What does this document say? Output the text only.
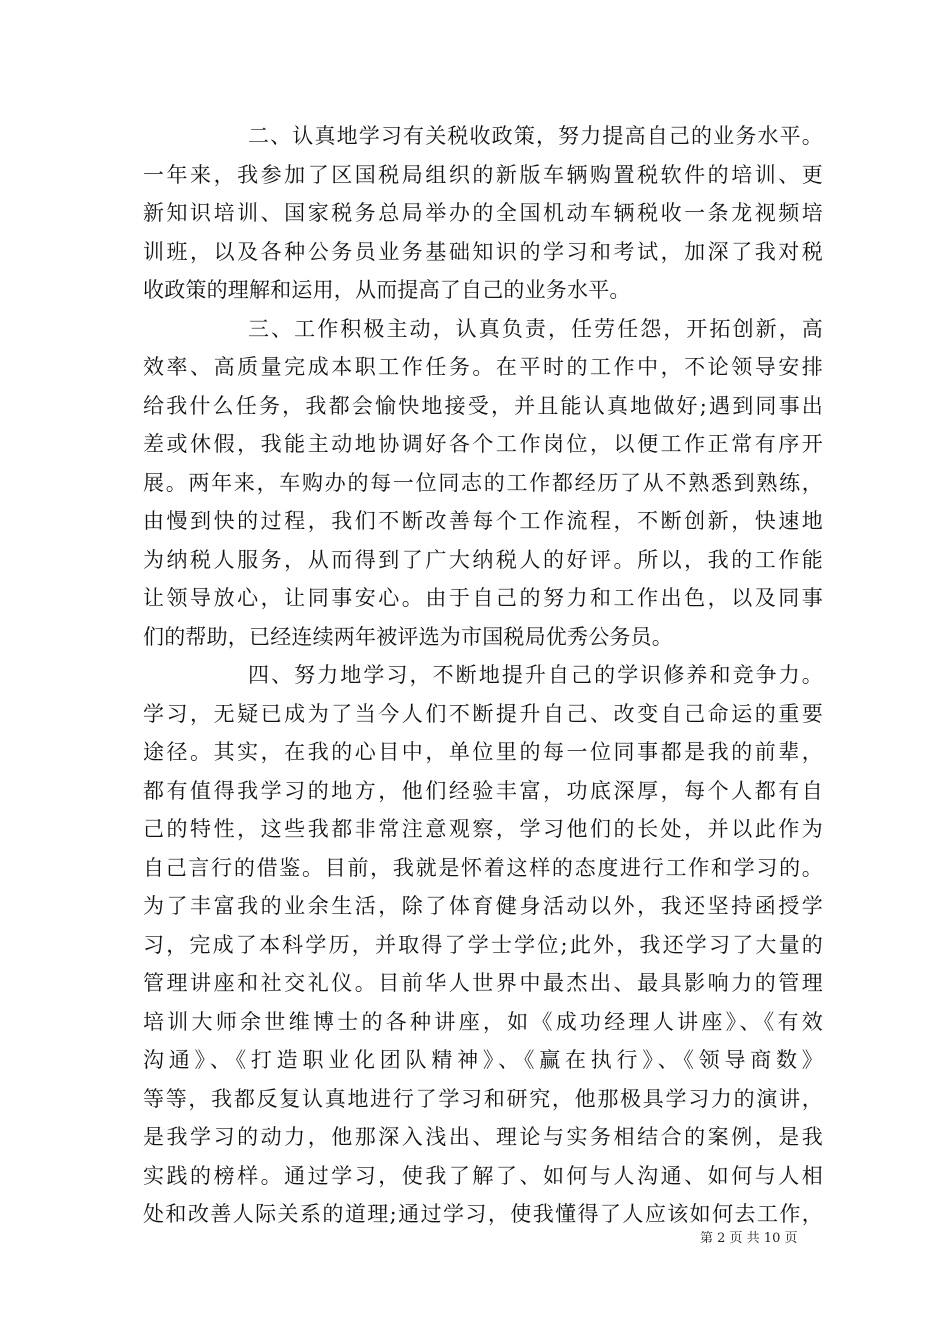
二、认真地学习有关税收政策，努力提高自己的业务水平。
一年来，我参加了区国税局组织的新版车辆购置税软件的培训、更
新知识培训、国家税务总局举办的全国机动车辆税收一条龙视频培
训班，以及各种公务员业务基础知识的学习和考试，加深了我对税
收政策的理解和运用，从而提高了自己的业务水平。
三、工作积极主动，认真负责，任劳任怨，开拓创新，高
效率、高质量完成本职工作任务。在平时的工作中，不论领导安排
给我什么任务，我都会愉快地接受，并且能认真地做好;遇到同事出
差或休假，我能主动地协调好各个工作岗位，以便工作正常有序开
展。两年来，车购办的每一位同志的工作都经历了从不熟悉到熟练，
由慢到快的过程，我们不断改善每个工作流程，不断创新，快速地
为纳税人服务，从而得到了广大纳税人的好评。所以，我的工作能
让领导放心，让同事安心。由于自己的努力和工作出色，以及同事
们的帮助，已经连续两年被评选为市国税局优秀公务员。
四、努力地学习，不断地提升自己的学识修养和竞争力。
学习，无疑已成为了当今人们不断提升自己、改变自己命运的重要
途径。其实，在我的心目中，单位里的每一位同事都是我的前辈，
都有值得我学习的地方，他们经验丰富，功底深厚，每个人都有自
己的特性，这些我都非常注意观察，学习他们的长处，并以此作为
自己言行的借鉴。目前，我就是怀着这样的态度进行工作和学习的。
为了丰富我的业余生活，除了体育健身活动以外，我还坚持函授学
习，完成了本科学历，并取得了学士学位;此外，我还学习了大量的
管理讲座和社交礼仪。目前华人世界中最杰出、最具影响力的管理
培训大师余世维博士的各种讲座，如《成功经理人讲座》、《有效
沟通》、《打造职业化团队精神》、《赢在执行》、《领导商数》
等等，我都反复认真地进行了学习和研究，他那极具学习力的演讲，
是我学习的动力，他那深入浅出、理论与实务相结合的案例，是我
实践的榜样。通过学习，使我了解了、如何与人沟通、如何与人相
处和改善人际关系的道理;通过学习，使我懂得了人应该如何去工作，
第 2 页 共 10 页
